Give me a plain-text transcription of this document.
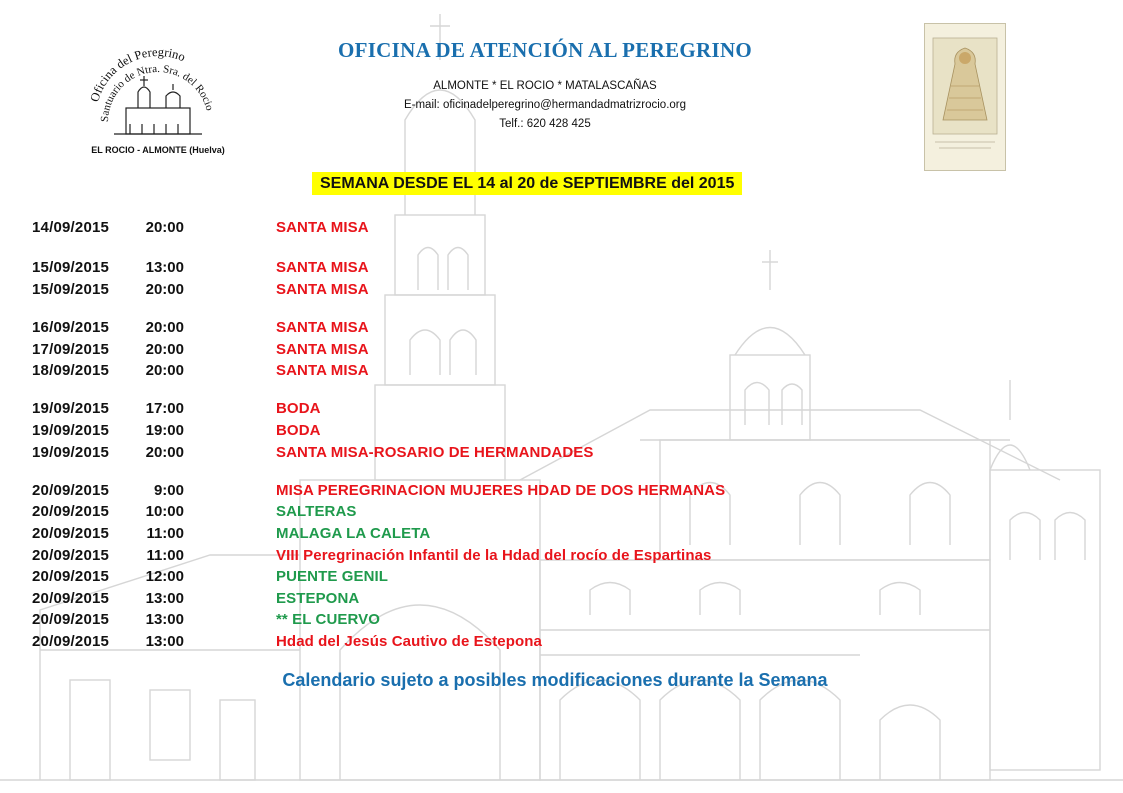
Oficina del Peregrino
Santuario de Ntra. Sra. del Rocio
EL ROCIO - ALMONTE (Huelva)
OFICINA DE ATENCIÓN AL PEREGRINO
ALMONTE * EL ROCIO * MATALASCAÑAS
E-mail: oficinadelperegrino@hermandadmatrizrocio.org
Telf.: 620 428 425
SEMANA DESDE EL 14 al 20 de SEPTIEMBRE del 2015
14/09/2015	20:00	SANTA MISA
15/09/2015	13:00	SANTA MISA
15/09/2015	20:00	SANTA MISA
16/09/2015	20:00	SANTA MISA
17/09/2015	20:00	SANTA MISA
18/09/2015	20:00	SANTA MISA
19/09/2015	17:00	BODA
19/09/2015	19:00	BODA
19/09/2015	20:00	SANTA MISA-ROSARIO DE HERMANDADES
20/09/2015	9:00	MISA PEREGRINACION MUJERES HDAD DE DOS HERMANAS
20/09/2015	10:00	SALTERAS
20/09/2015	11:00	MALAGA LA CALETA
20/09/2015	11:00	VIII Peregrinación Infantil de la Hdad del rocío de Espartinas
20/09/2015	12:00	PUENTE GENIL
20/09/2015	13:00	ESTEPONA
20/09/2015	13:00	** EL CUERVO
20/09/2015	13:00	Hdad del Jesús Cautivo de Estepona
Calendario sujeto a posibles modificaciones durante la Semana
